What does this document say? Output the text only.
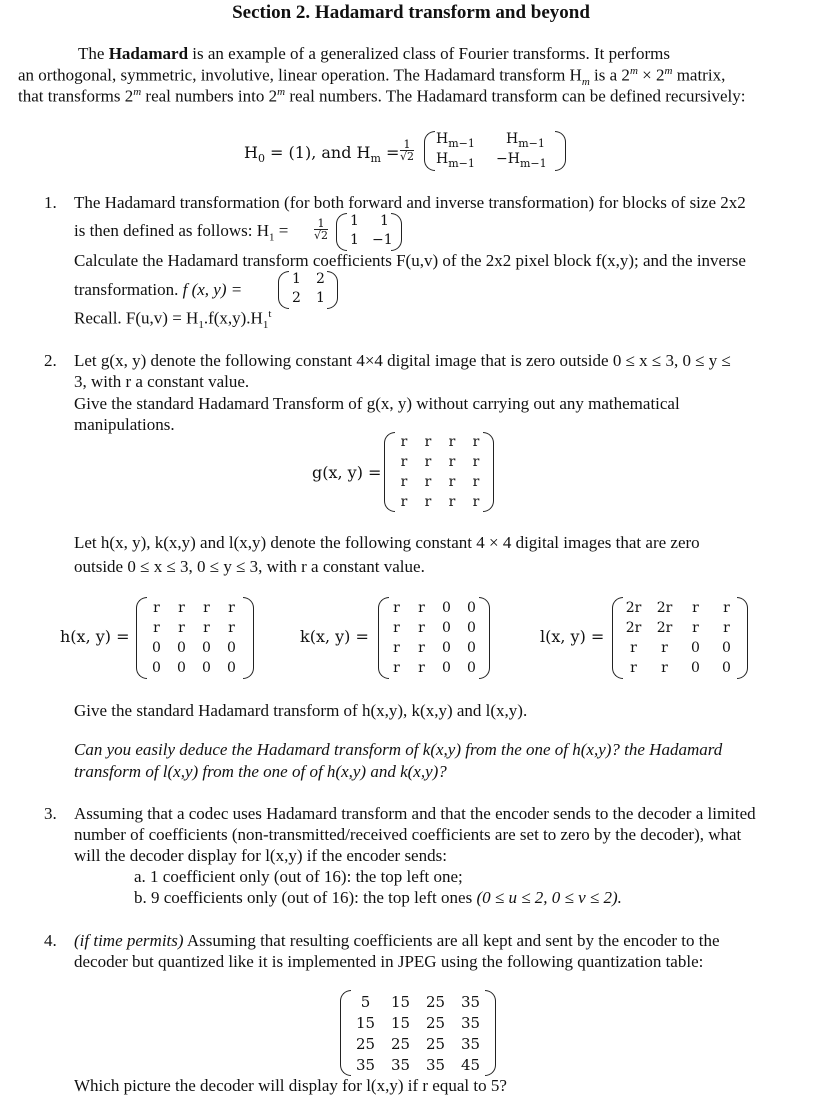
Section 2. Hadamard transform and beyond
The Hadamard is an example of a generalized class of Fourier transforms. It performs
an orthogonal, symmetric, involutive, linear operation. The Hadamard transform $H_m$ is a $2^m \times 2^m$ matrix,
that transforms 2$^m$ real numbers into 2$^m$ real numbers. The Hadamard transform can be defined recursively:
$H_0 = (1)$, and $H_m = \frac{1}{√2} H_{m-1}$ $H_{m-1}$
$H_{m-1} -H_{m-1}$
1. The Hadamard transformation (for both forward and inverse transformation) for blocks of size 2x2
is then defined as follows: $H_1 = \frac{1}{√2} 1$ 1
1 −1
Calculate the Hadamard transform coefficients F(u,v) of the 2x2 pixel block f(x,y); and the inverse
transformation. f (x, y) =
1 2
2 1
Recall. $F(u,v) = H_1.f(x,y).H_1^t$
2. Let g(x, y) denote the following constant 4×4 digital image that is zero outside 0 ≤ x ≤ 3, 0 ≤ y ≤
3, with r a constant value.
Give the standard Hadamard Transform of g(x, y) without carrying out any mathematical
manipulations.
g(x, y) =
r	r	r	r
r	r	r	r
r	r	r	r
r	r	r	r
Let h(x, y), k(x,y) and l(x,y) denote the following constant 4 × 4 digital images that are zero
outside 0 ≤ x ≤ 3, 0 ≤ y ≤ 3, with r a constant value.
h(x, y) =
r	r	r	r
r	r	r	r
0	0	0	0
0	0	0	0
k(x, y) =
r	r	0	0
r	r	0	0
r	r	0	0
r	r	0	0
l(x, y) =
2r	2r	r	r
2r	2r	r	r
r	r	0	0
r	r	0	0
Give the standard Hadamard transform of h(x,y), k(x,y) and l(x,y).
Can you easily deduce the Hadamard transform of k(x,y) from the one of h(x,y)? the Hadamard
transform of l(x,y) from the one of of h(x,y) and k(x,y)?
3. Assuming that a codec uses Hadamard transform and that the encoder sends to the decoder a limited
number of coefficients (non-transmitted/received coefficients are set to zero by the decoder), what
will the decoder display for l(x,y) if the encoder sends:
a. 1 coefficient only (out of 16): the top left one;
b. 9 coefficients only (out of 16): the top left ones (0 ≤ u ≤ 2, 0 ≤ v ≤ 2).
4. (if time permits) Assuming that resulting coefficients are all kept and sent by the encoder to the
decoder but quantized like it is implemented in JPEG using the following quantization table:
5	15	25	35
15	15	25	35
25	25	25	35
35	35	35	45
Which picture the decoder will display for l(x,y) if r equal to 5?
